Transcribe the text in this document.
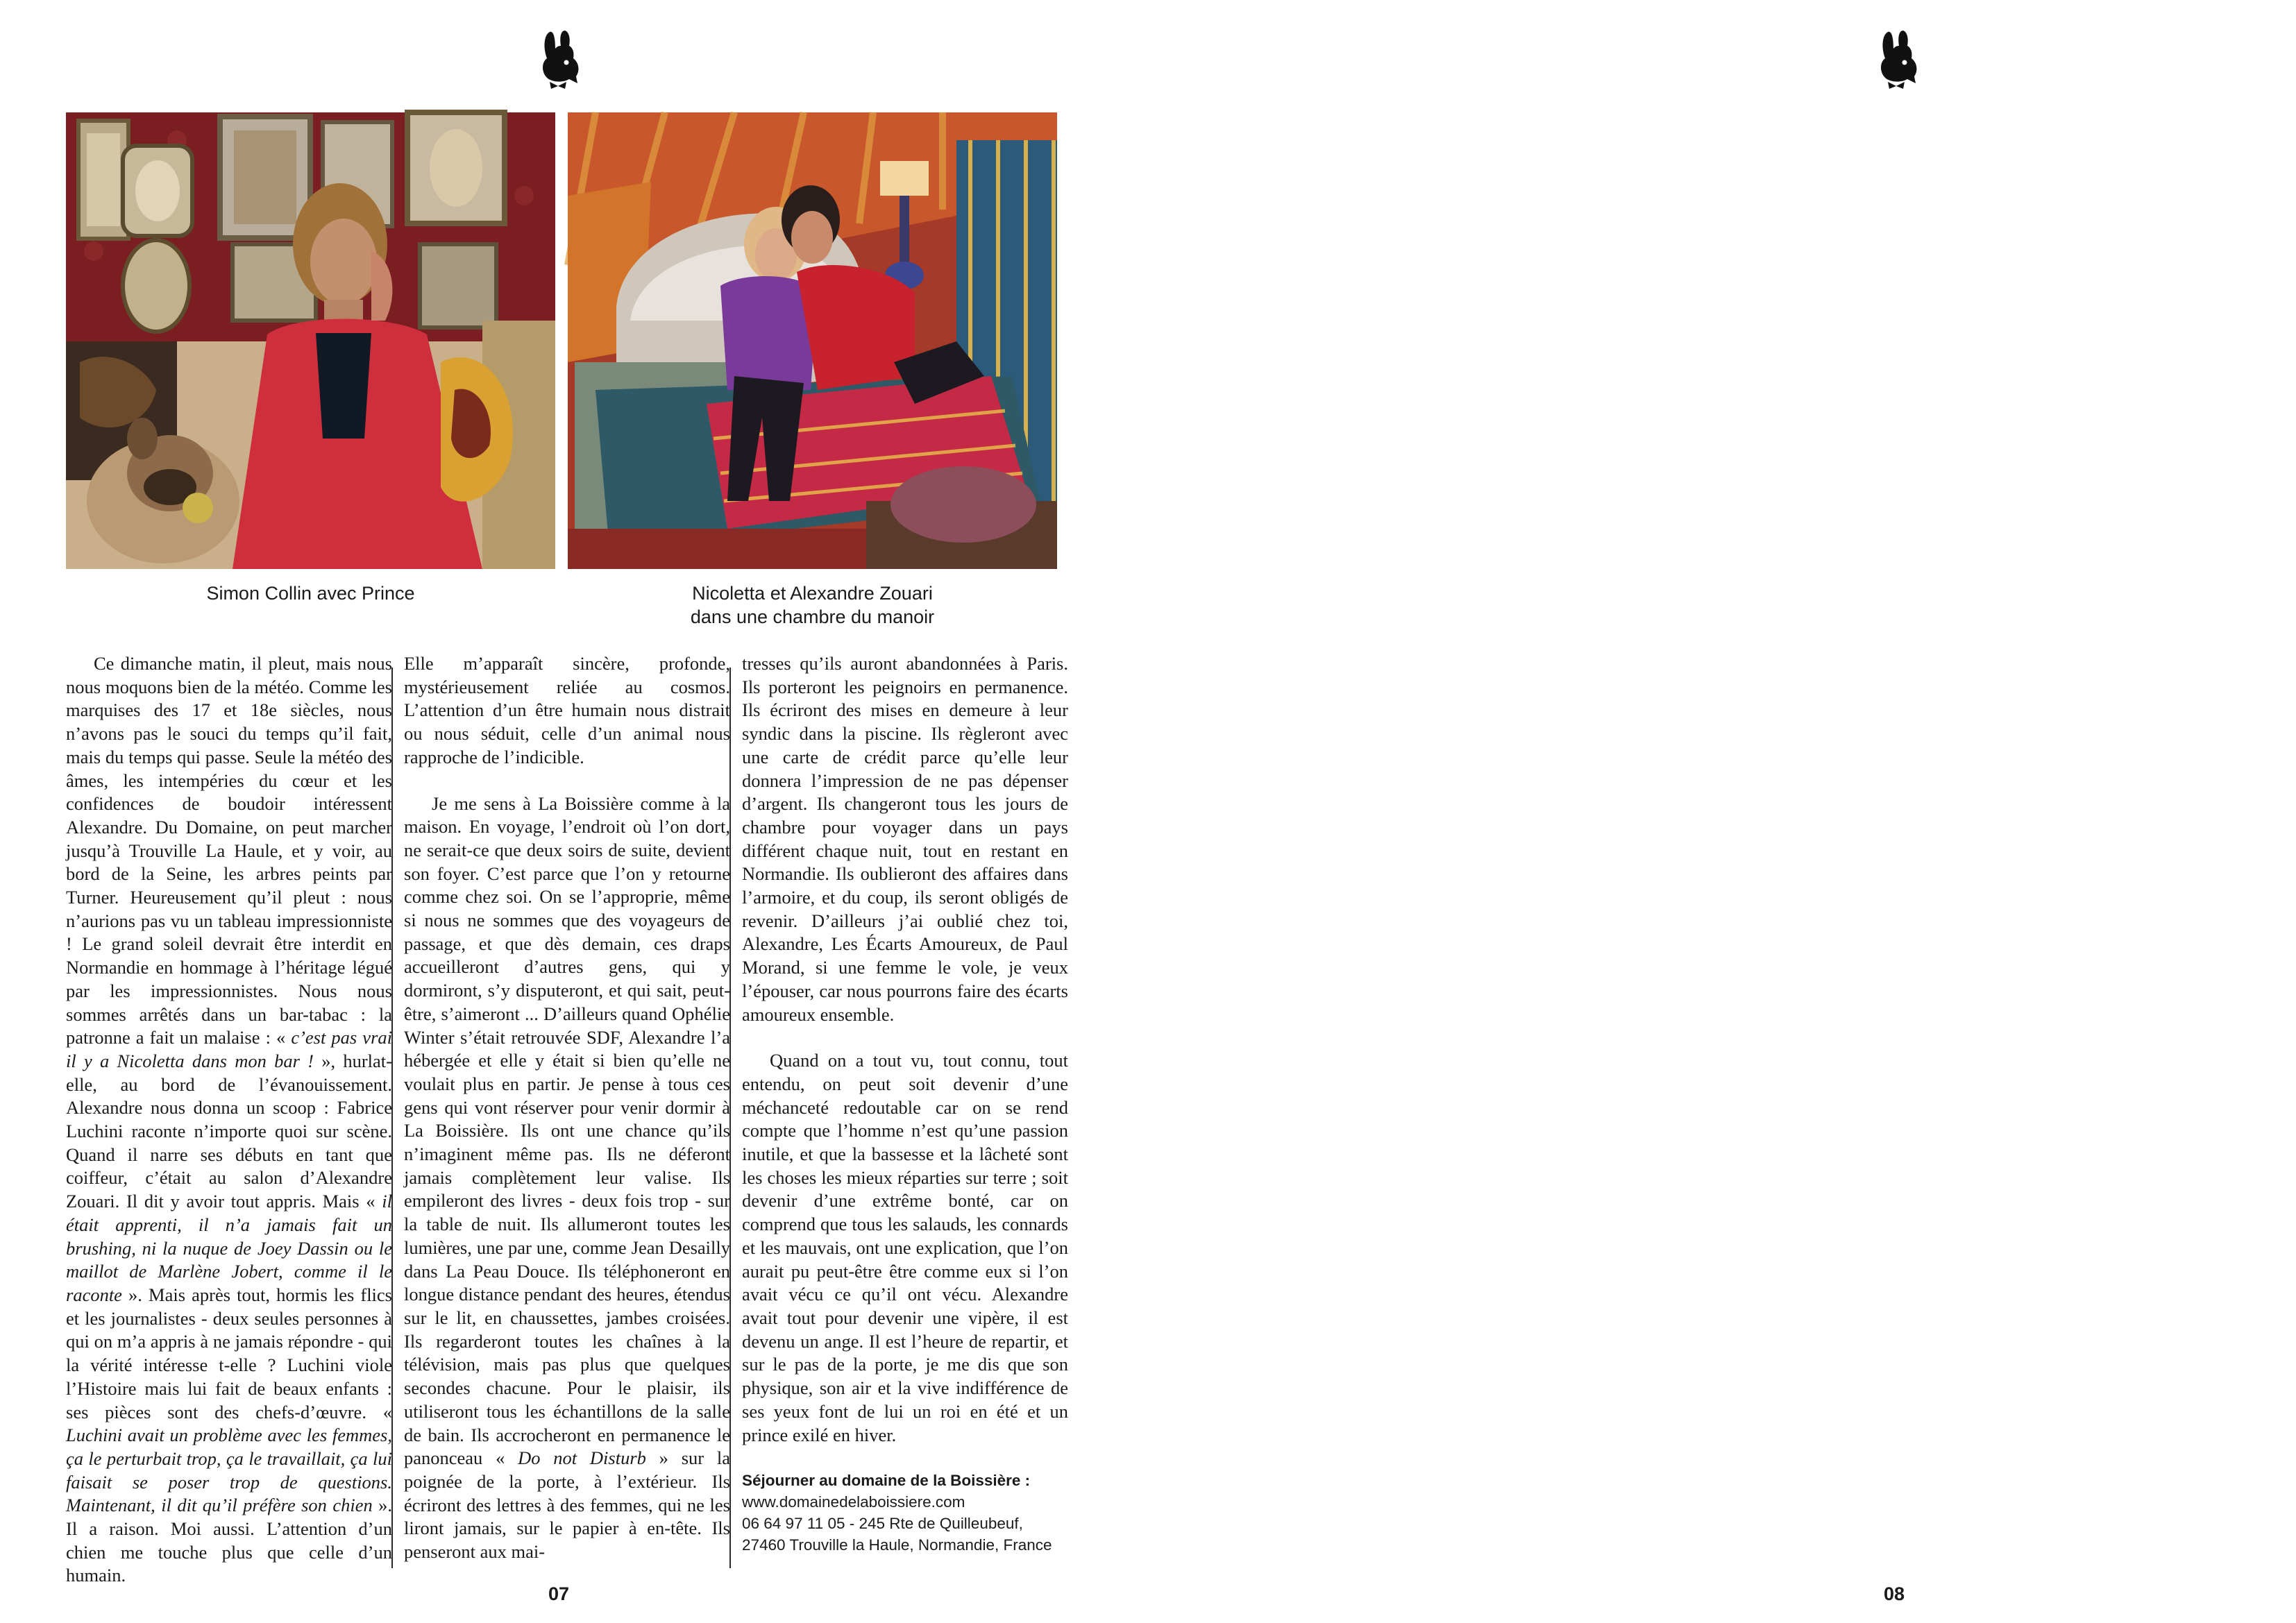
Simon Collin avec Prince	Nicoletta et Alexandre Zouari
dans une chambre du manoir

Ce dimanche matin, il pleut, mais nous nous moquons bien de la météo. Comme les marquises des 17 et 18e siècles, nous n’avons pas le souci du temps qu’il fait, mais du temps qui passe. Seule la météo des âmes, les intempéries du cœur et les confidences de boudoir intéressent Alexandre. Du Domaine, on peut marcher jusqu’à Trouville La Haule, et y voir, au bord de la Seine, les arbres peints par Turner. Heureusement qu’il pleut : nous n’aurions pas vu un tableau impressionniste ! Le grand soleil devrait être interdit en Normandie en hommage à l’héritage légué par les impressionnistes. Nous nous sommes arrêtés dans un bar-tabac : la patronne a fait un malaise : « c’est pas vrai il y a Nicoletta dans mon bar ! », hurlat-elle, au bord de l’évanouissement. Alexandre nous donna un scoop : Fabrice Luchini raconte n’importe quoi sur scène. Quand il narre ses débuts en tant que coiffeur, c’était au salon d’Alexandre Zouari. Il dit y avoir tout appris. Mais « il était apprenti, il n’a jamais fait un brushing, ni la nuque de Joey Dassin ou le maillot de Marlène Jobert, comme il le raconte ». Mais après tout, hormis les flics et les journalistes - deux seules personnes à qui on m’a appris à ne jamais répondre - qui la vérité intéresse t-elle ? Luchini viole l’Histoire mais lui fait de beaux enfants : ses pièces sont des chefs-d’œuvre. « Luchini avait un problème avec les femmes, ça le perturbait trop, ça le travaillait, ça lui faisait se poser trop de questions. Maintenant, il dit qu’il préfère son chien ». Il a raison. Moi aussi. L’attention d’un chien me touche plus que celle d’un humain.

Elle m’apparaît sincère, profonde, mystérieusement reliée au cosmos. L’attention d’un être humain nous distrait ou nous séduit, celle d’un animal nous rapproche de l’indicible.

Je me sens à La Boissière comme à la maison. En voyage, l’endroit où l’on dort, ne serait-ce que deux soirs de suite, devient son foyer. C’est parce que l’on y retourne comme chez soi. On se l’approprie, même si nous ne sommes que des voyageurs de passage, et que dès demain, ces draps accueilleront d’autres gens, qui y dormiront, s’y disputeront, et qui sait, peut-être, s’aimeront ... D’ailleurs quand Ophélie Winter s’était retrouvée SDF, Alexandre l’a hébergée et elle y était si bien qu’elle ne voulait plus en partir. Je pense à tous ces gens qui vont réserver pour venir dormir à La Boissière. Ils ont une chance qu’ils n’imaginent même pas. Ils ne déferont jamais complètement leur valise. Ils empileront des livres - deux fois trop - sur la table de nuit. Ils allumeront toutes les lumières, une par une, comme Jean Desailly dans La Peau Douce. Ils téléphoneront en longue distance pendant des heures, étendus sur le lit, en chaussettes, jambes croisées. Ils regarderont toutes les chaînes à la télévision, mais pas plus que quelques secondes chacune. Pour le plaisir, ils utiliseront tous les échantillons de la salle de bain. Ils accrocheront en permanence le panonceau « Do not Disturb » sur la poignée de la porte, à l’extérieur. Ils écriront des lettres à des femmes, qui ne les liront jamais, sur le papier à en-tête. Ils penseront aux mai-

tresses qu’ils auront abandonnées à Paris. Ils porteront les peignoirs en permanence. Ils écriront des mises en demeure à leur syndic dans la piscine. Ils règleront avec une carte de crédit parce qu’elle leur donnera l’impression de ne pas dépenser d’argent. Ils changeront tous les jours de chambre pour voyager dans un pays différent chaque nuit, tout en restant en Normandie. Ils oublieront des affaires dans l’armoire, et du coup, ils seront obligés de revenir. D’ailleurs j’ai oublié chez toi, Alexandre, Les Écarts Amoureux, de Paul Morand, si une femme le vole, je veux l’épouser, car nous pourrons faire des écarts amoureux ensemble.

Quand on a tout vu, tout connu, tout entendu, on peut soit devenir d’une méchanceté redoutable car on se rend compte que l’homme n’est qu’une passion inutile, et que la bassesse et la lâcheté sont les choses les mieux réparties sur terre ; soit devenir d’une extrême bonté, car on comprend que tous les salauds, les connards et les mauvais, ont une explication, que l’on aurait pu peut-être être comme eux si l’on avait vécu ce qu’il ont vécu. Alexandre avait tout pour devenir une vipère, il est devenu un ange. Il est l’heure de repartir, et sur le pas de la porte, je me dis que son physique, son air et la vive indifférence de ses yeux font de lui un roi en été et un prince exilé en hiver.

Séjourner au domaine de la Boissière :
www.domainedelaboissiere.com
06 64 97 11 05 - 245 Rte de Quilleubeuf,
27460 Trouville la Haule, Normandie, France
07	08
